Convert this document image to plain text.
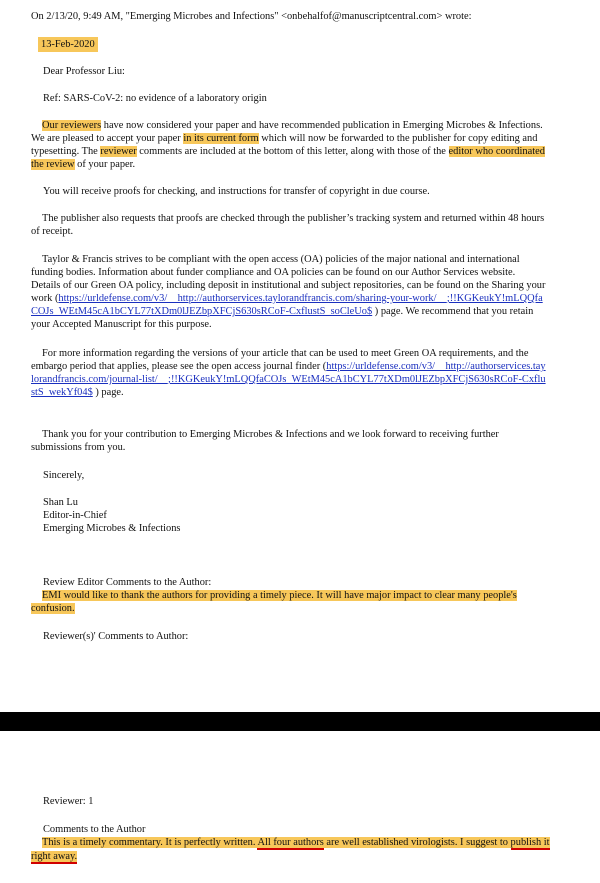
On 2/13/20, 9:49 AM, "Emerging Microbes and Infections" <onbehalfof@manuscriptcentral.com> wrote:

13-Feb-2020

Dear Professor Liu:

Ref: SARS-CoV-2: no evidence of a laboratory origin

Our reviewers have now considered your paper and have recommended publication in Emerging Microbes & Infections. We are pleased to accept your paper in its current form which will now be forwarded to the publisher for copy editing and typesetting. The reviewer comments are included at the bottom of this letter, along with those of the editor who coordinated the review of your paper.

You will receive proofs for checking, and instructions for transfer of copyright in due course.

The publisher also requests that proofs are checked through the publisher’s tracking system and returned within 48 hours of receipt.

Taylor & Francis strives to be compliant with the open access (OA) policies of the major national and international funding bodies. Information about funder compliance and OA policies can be found on our Author Services website. Details of our Green OA policy, including deposit in institutional and subject repositories, can be found on the Sharing your work (https://urldefense.com/v3/__http://authorservices.taylorandfrancis.com/sharing-your-work/__;!!KGKeukY!mLQQfaCOJs_WEtM45cA1bCYL77tXDm0lJEZbpXFCjS630sRCoF-CxflustS_soCleUo$ ) page. We recommend that you retain your Accepted Manuscript for this purpose.

For more information regarding the versions of your article that can be used to meet Green OA requirements, and the embargo period that applies, please see the open access journal finder (https://urldefense.com/v3/__http://authorservices.taylorandfrancis.com/journal-list/__;!!KGKeukY!mLQQfaCOJs_WEtM45cA1bCYL77tXDm0lJEZbpXFCjS630sRCoF-CxflustS_wekYf04$ ) page.

Thank you for your contribution to Emerging Microbes & Infections and we look forward to receiving further submissions from you.

Sincerely,

Shan Lu

Editor-in-Chief

Emerging Microbes & Infections

Review Editor Comments to the Author:

EMI would like to thank the authors for providing a timely piece. It will have major impact to clear many people's confusion.

Reviewer(s)' Comments to Author:

Reviewer: 1

Comments to the Author

This is a timely commentary. It is perfectly written. All four authors are well established virologists. I suggest to publish it right away.
